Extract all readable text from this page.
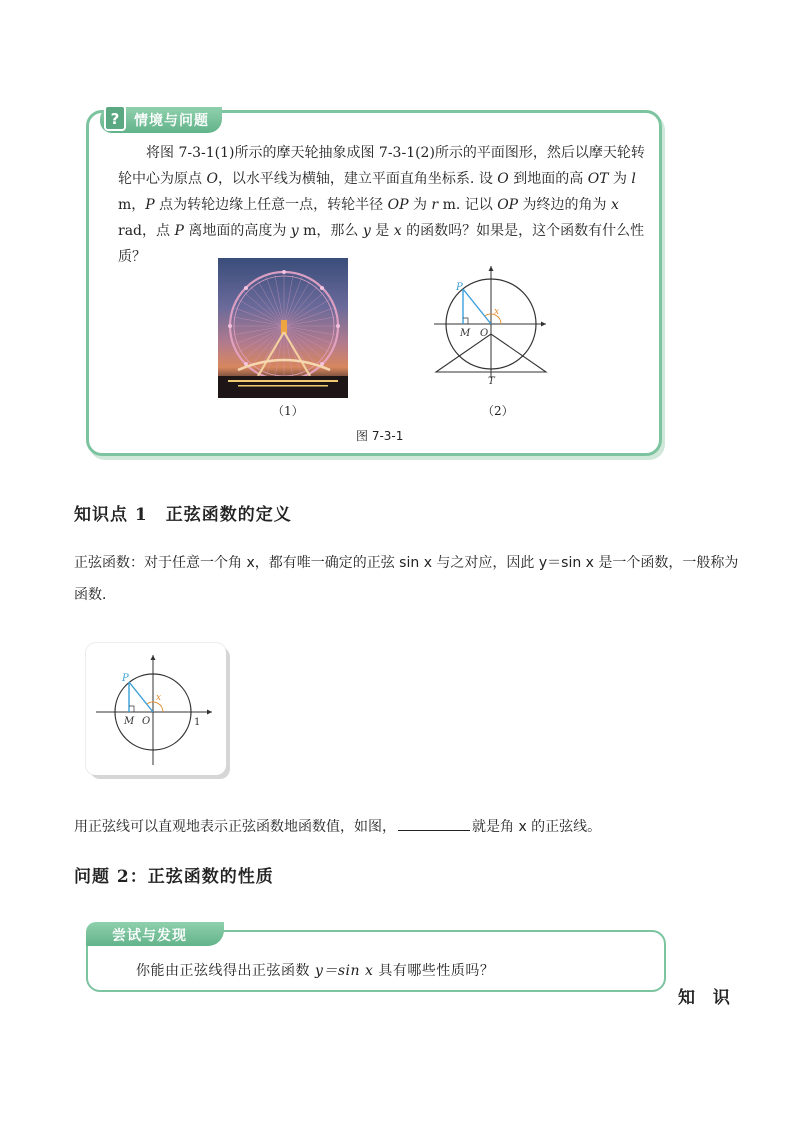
?	情境与问题
将图 7-3-1(1)所示的摩天轮抽象成图 7-3-1(2)所示的平面图形，然后以摩天轮转轮中心为原点 O，以水平线为横轴，建立平面直角坐标系. 设 O 到地面的高 OT 为 l m，P 点为转轮边缘上任意一点，转轮半径 OP 为 r m. 记以 OP 为终边的角为 x rad，点 P 离地面的高度为 y m，那么 y 是 x 的函数吗？如果是，这个函数有什么性质？
P
M O
x
T
（1）	（2）
图 7-3-1
知识点 1　正弦函数的定义
正弦函数：对于任意一个角 x，都有唯一确定的正弦 sin x 与之对应，因此 y＝sin x 是一个函数，一般称为
函数．
P
M O
x
1
用正弦线可以直观地表示正弦函数地函数值，如图，	就是角 x 的正弦线。
问题 2：正弦函数的性质
尝试与发现
你能由正弦线得出正弦函数 y＝sin x 具有哪些性质吗？
知 识
